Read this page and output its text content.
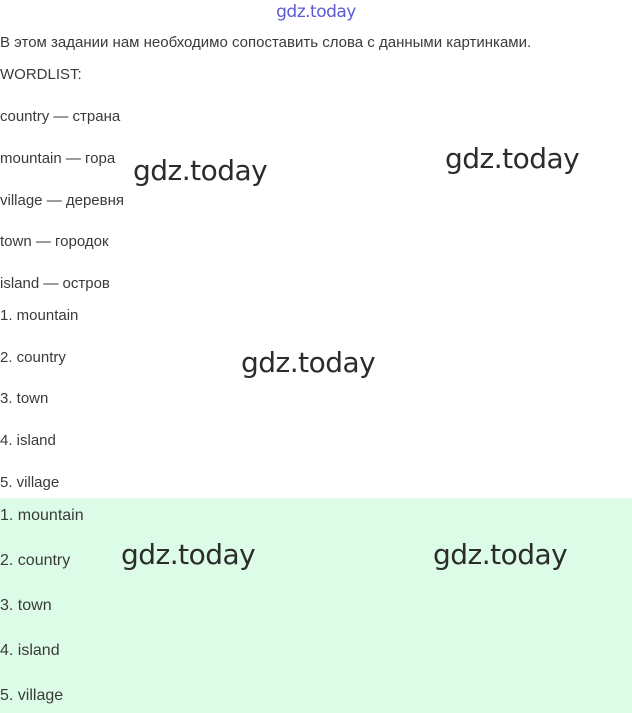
gdz.today
В этом задании нам необходимо сопоставить слова с данными картинками.
WORDLIST:
country — страна
mountain — гора
village — деревня
town — городок
island — остров
1. mountain
2. country
3. town
4. island
5. village
1. mountain
2. country
3. town
4. island
5. village
gdz.today	gdz.today
gdz.today
gdz.today	gdz.today
